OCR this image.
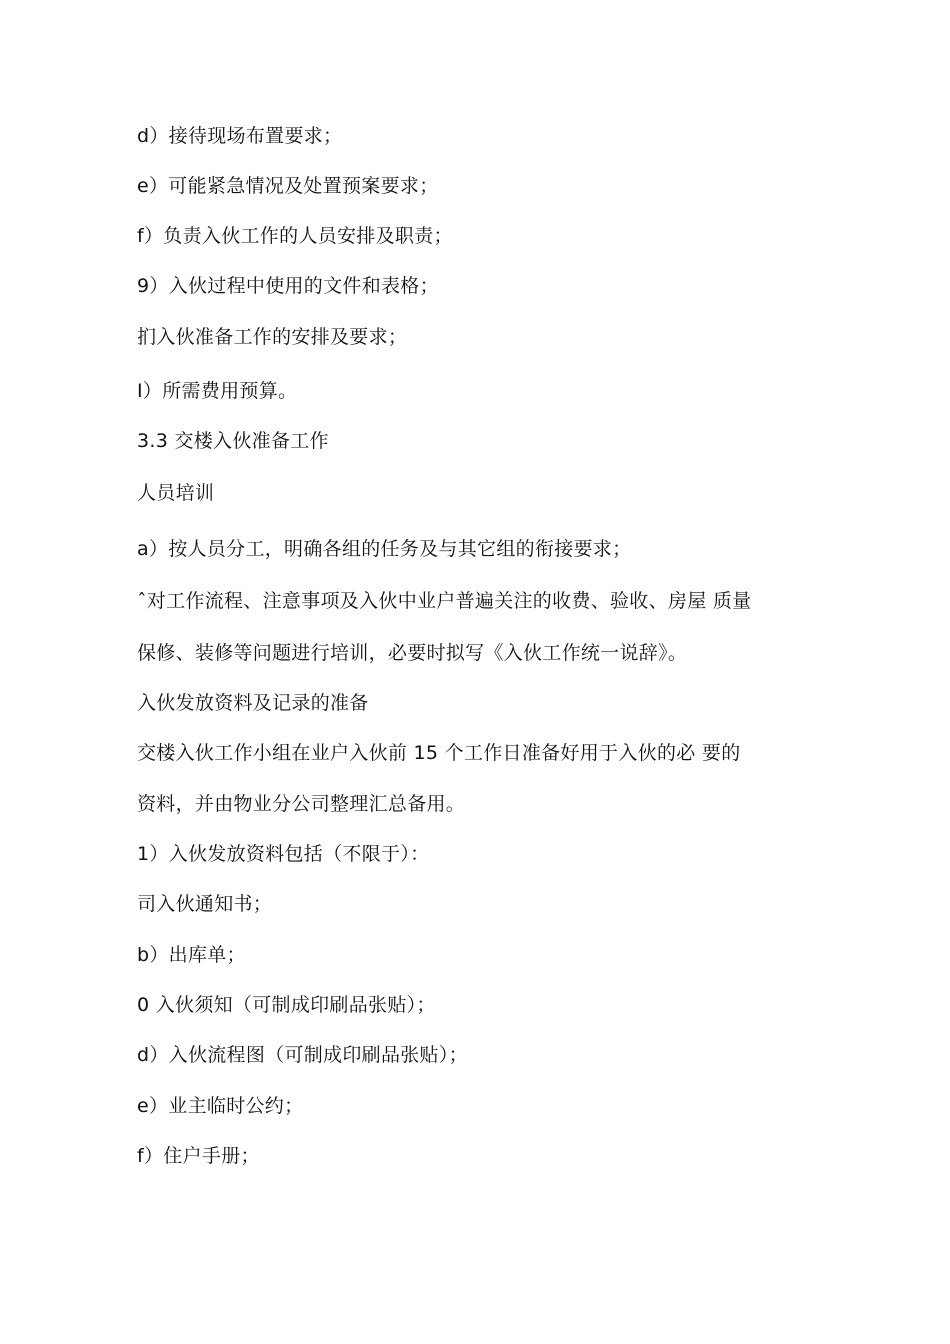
d）接待现场布置要求；
e）可能紧急情况及处置预案要求；
f）负责入伙工作的人员安排及职责；
9）入伙过程中使用的文件和表格；
扪入伙准备工作的安排及要求；
I）所需费用预算。
3.3 交楼入伙准备工作
人员培训
a）按人员分工，明确各组的任务及与其它组的衔接要求；
ˆ对工作流程、注意事项及入伙中业户普遍关注的收费、验收、房屋 质量
保修、装修等问题进行培训，必要时拟写《入伙工作统一说辞》。
入伙发放资料及记录的准备
交楼入伙工作小组在业户入伙前 15 个工作日准备好用于入伙的必 要的
资料，并由物业分公司整理汇总备用。
1）入伙发放资料包括（不限于）：
司入伙通知书；
b）出库单；
0 入伙须知（可制成印刷品张贴）；
d）入伙流程图（可制成印刷品张贴）；
e）业主临时公约；
f）住户手册；
